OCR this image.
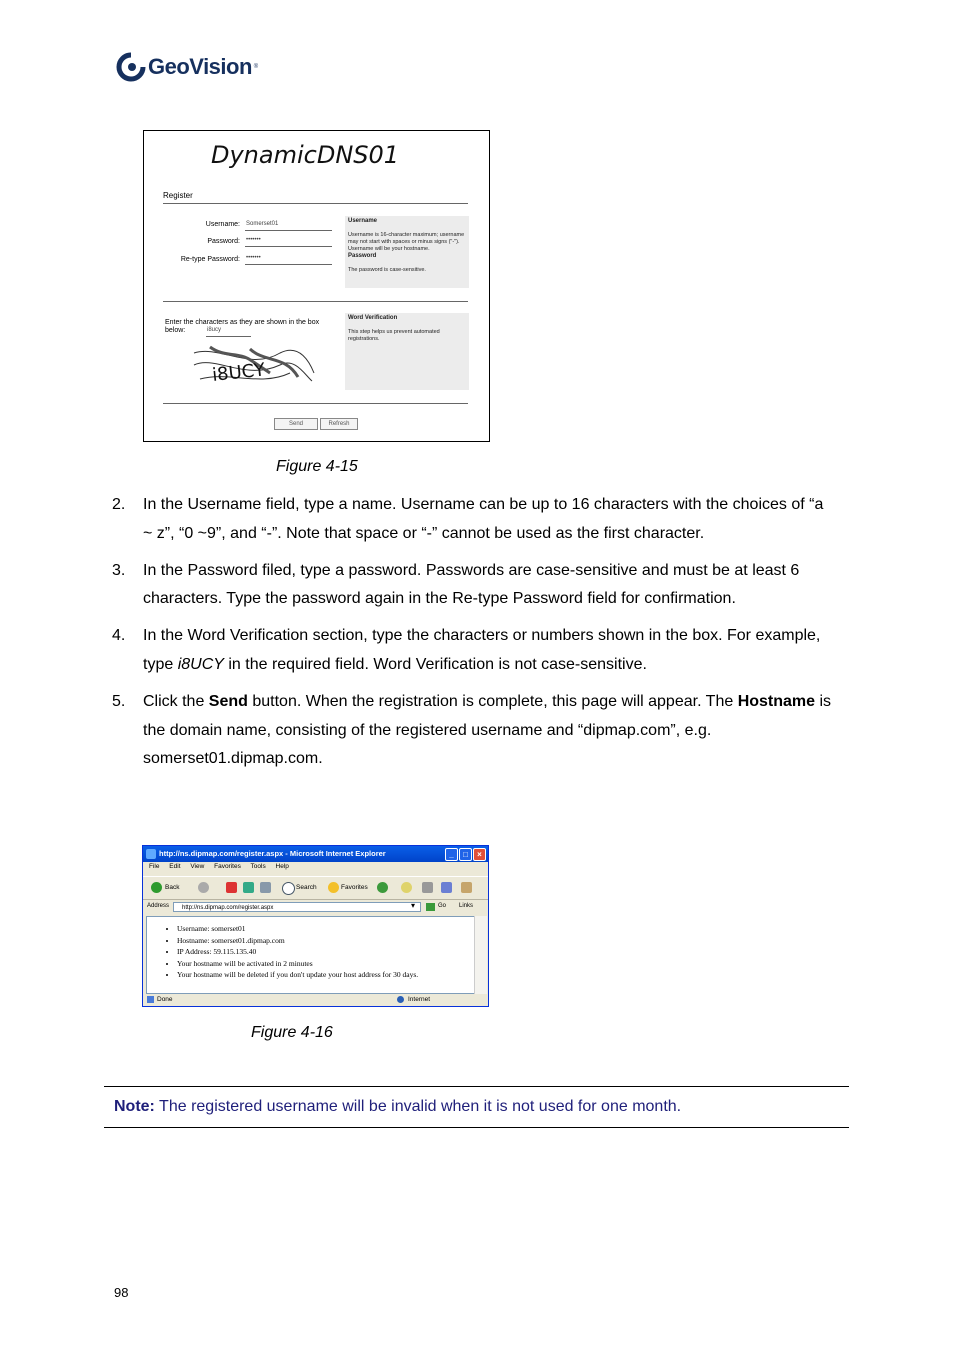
GeoVision ®
DynamicDNS01
Register
Username: Somerset01
Password: •••••••
Re-type Password: •••••••
Username

Username is 16-character maximum; username may not start with spaces or minus signs ("-"). Username will be your hostname.
Password

The password is case-sensitive.
Enter the characters as they are shown in the box below:	i8ucy
i8UCY
Word Verification

This step helps us prevent automated registrations.
Send	Refresh
Figure 4-15
2. In the Username field, type a name. Username can be up to 16 characters with the choices of “a ~ z”, “0 ~9”, and “-”. Note that space or “-” cannot be used as the first character.
3. In the Password filed, type a password. Passwords are case-sensitive and must be at least 6 characters. Type the password again in the Re-type Password field for confirmation.
4. In the Word Verification section, type the characters or numbers shown in the box. For example, type i8UCY in the required field. Word Verification is not case-sensitive.
5. Click the Send button. When the registration is complete, this page will appear. The Hostname is the domain name, consisting of the registered username and “dipmap.com”, e.g. somerset01.dipmap.com.
http://ns.dipmap.com/register.aspx - Microsoft Internet Explorer	_	□	×
File Edit View Favorites Tools Help
Back	Search	Favorites
Address	http://ns.dipmap.com/register.aspx	▾	Go Links
• Username: somerset01
• Hostname: somerset01.dipmap.com
• IP Address: 59.115.135.40
• Your hostname will be activated in 2 minutes
• Your hostname will be deleted if you don't update your host address for 30 days.
Done	Internet
Figure 4-16
Note: The registered username will be invalid when it is not used for one month.
98
